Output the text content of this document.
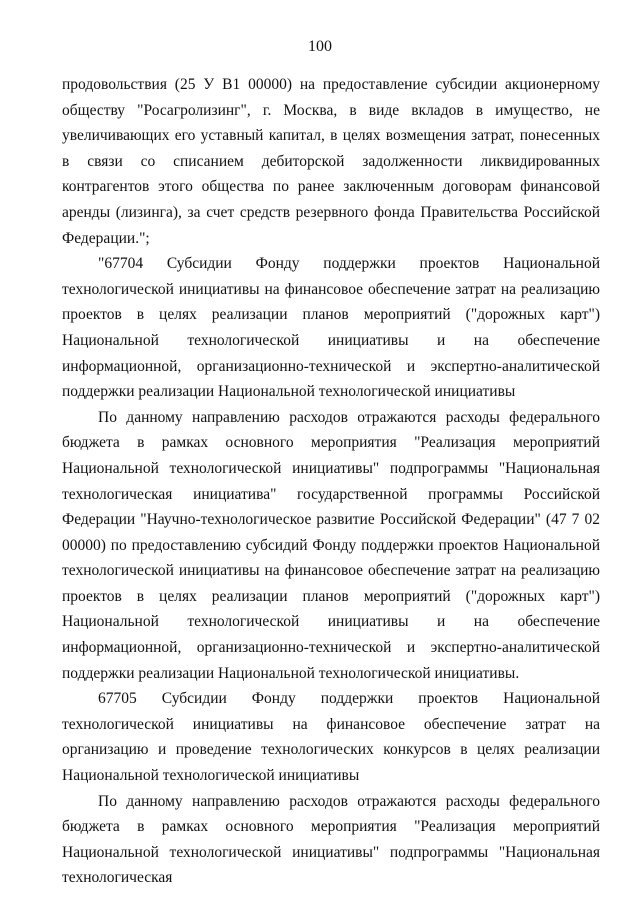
100

продовольствия (25 У В1 00000) на предоставление субсидии акционерному обществу "Росагролизинг", г. Москва, в виде вкладов в имущество, не увеличивающих его уставный капитал, в целях возмещения затрат, понесенных в связи со списанием дебиторской задолженности ликвидированных контрагентов этого общества по ранее заключенным договорам финансовой аренды (лизинга), за счет средств резервного фонда Правительства Российской Федерации.";

"67704 Субсидии Фонду поддержки проектов Национальной технологической инициативы на финансовое обеспечение затрат на реализацию проектов в целях реализации планов мероприятий ("дорожных карт") Национальной технологической инициативы и на обеспечение информационной, организационно-технической и экспертно-аналитической поддержки реализации Национальной технологической инициативы

По данному направлению расходов отражаются расходы федерального бюджета в рамках основного мероприятия "Реализация мероприятий Национальной технологической инициативы" подпрограммы "Национальная технологическая инициатива" государственной программы Российской Федерации "Научно-технологическое развитие Российской Федерации" (47 7 02 00000) по предоставлению субсидий Фонду поддержки проектов Национальной технологической инициативы на финансовое обеспечение затрат на реализацию проектов в целях реализации планов мероприятий ("дорожных карт") Национальной технологической инициативы и на обеспечение информационной, организационно-технической и экспертно-аналитической поддержки реализации Национальной технологической инициативы.

67705 Субсидии Фонду поддержки проектов Национальной технологической инициативы на финансовое обеспечение затрат на организацию и проведение технологических конкурсов в целях реализации Национальной технологической инициативы

По данному направлению расходов отражаются расходы федерального бюджета в рамках основного мероприятия "Реализация мероприятий Национальной технологической инициативы" подпрограммы "Национальная технологическая
